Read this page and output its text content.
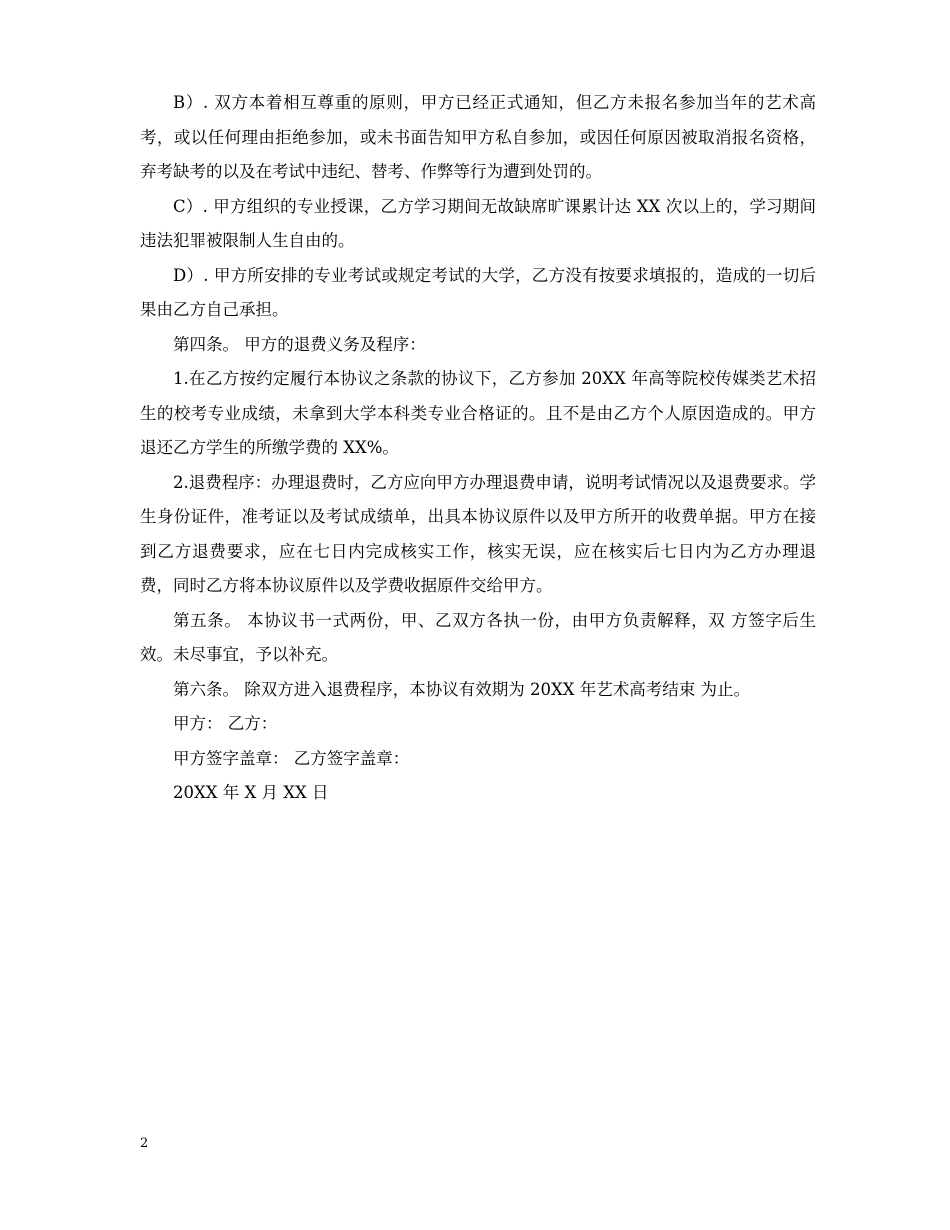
B）. 双方本着相互尊重的原则，甲方已经正式通知，但乙方未报名参加当年的艺术高考，或以任何理由拒绝参加，或未书面告知甲方私自参加，或因任何原因被取消报名资格，弃考缺考的以及在考试中违纪、替考、作弊等行为遭到处罚的。

C）. 甲方组织的专业授课，乙方学习期间无故缺席旷课累计达 XX 次以上的，学习期间违法犯罪被限制人生自由的。

D）. 甲方所安排的专业考试或规定考试的大学，乙方没有按要求填报的，造成的一切后果由乙方自己承担。

第四条。 甲方的退费义务及程序：

1.在乙方按约定履行本协议之条款的协议下，乙方参加 20XX 年高等院校传媒类艺术招生的校考专业成绩，未拿到大学本科类专业合格证的。且不是由乙方个人原因造成的。甲方退还乙方学生的所缴学费的 XX%。

2.退费程序：办理退费时，乙方应向甲方办理退费申请，说明考试情况以及退费要求。学生身份证件，准考证以及考试成绩单，出具本协议原件以及甲方所开的收费单据。甲方在接到乙方退费要求，应在七日内完成核实工作，核实无误，应在核实后七日内为乙方办理退费，同时乙方将本协议原件以及学费收据原件交给甲方。

第五条。 本协议书一式两份，甲、乙双方各执一份，由甲方负责解释，双 方签字后生效。未尽事宜，予以补充。

第六条。 除双方进入退费程序，本协议有效期为 20XX 年艺术高考结束 为止。

甲方： 乙方：

甲方签字盖章： 乙方签字盖章：

20XX 年 X 月 XX 日

2
